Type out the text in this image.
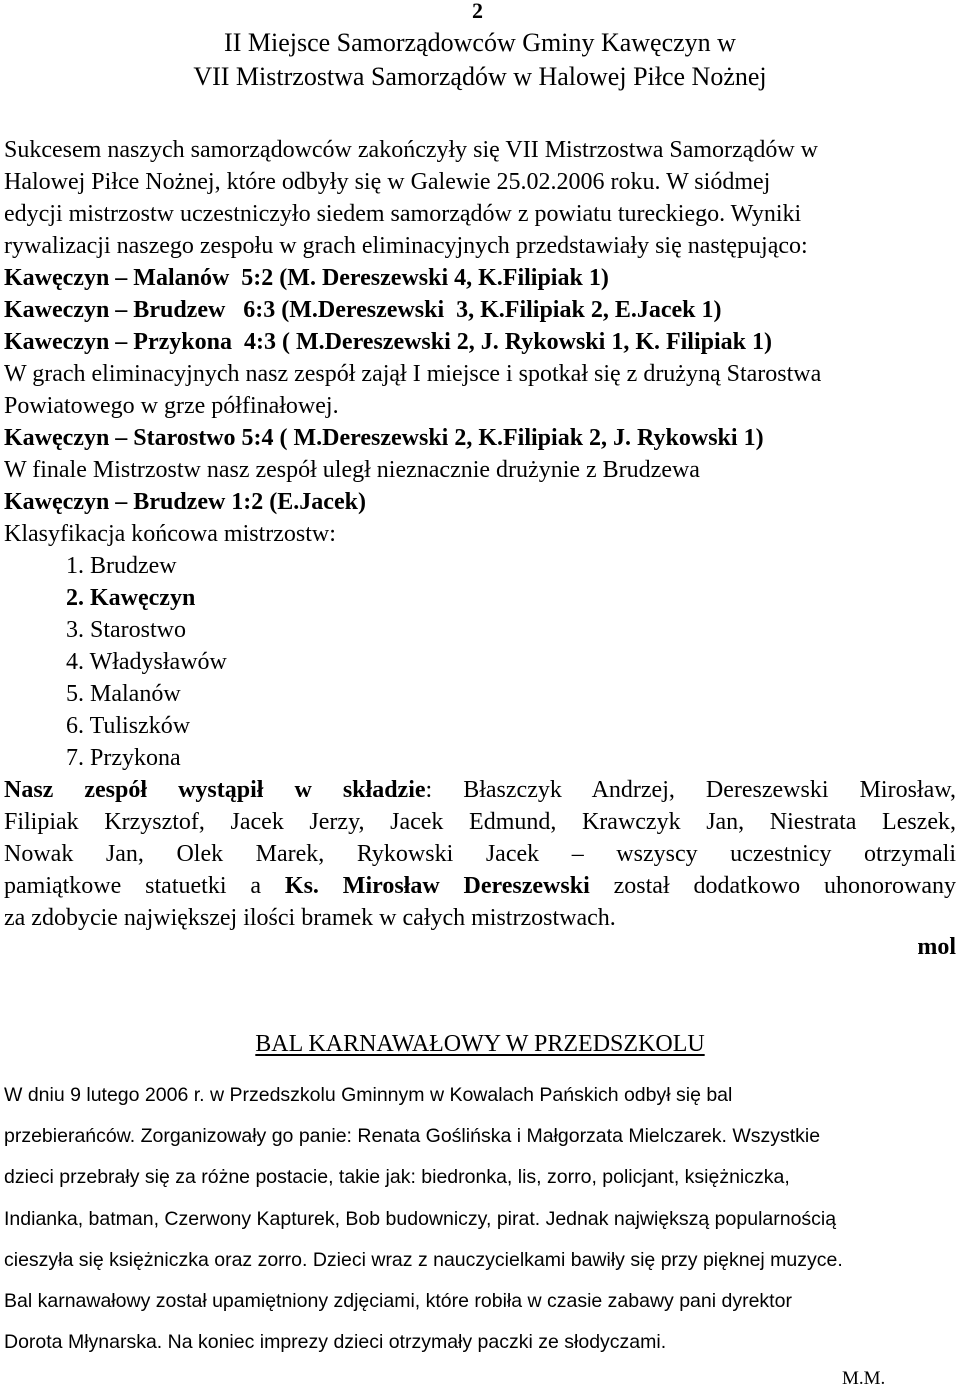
2
II Miejsce Samorządowców Gminy Kawęczyn w
VII Mistrzostwa Samorządów w Halowej Piłce Nożnej
Sukcesem naszych samorządowców zakończyły się VII Mistrzostwa Samorządów w
Halowej Piłce Nożnej, które odbyły się w Galewie 25.02.2006 roku. W siódmej
edycji mistrzostw uczestniczyło siedem samorządów z powiatu tureckiego. Wyniki
rywalizacji naszego zespołu w grach eliminacyjnych przedstawiały się następująco:
Kawęczyn – Malanów  5:2 (M. Dereszewski 4, K.Filipiak 1)
Kaweczyn – Brudzew   6:3 (M.Dereszewski  3, K.Filipiak 2, E.Jacek 1)
Kaweczyn – Przykona  4:3 ( M.Dereszewski 2, J. Rykowski 1, K. Filipiak 1)
W grach eliminacyjnych nasz zespół zajął I miejsce i spotkał się z drużyną Starostwa
Powiatowego w grze półfinałowej.
Kawęczyn – Starostwo 5:4 ( M.Dereszewski 2, K.Filipiak 2, J. Rykowski 1)
W finale Mistrzostw nasz zespół uległ nieznacznie drużynie z Brudzewa
Kawęczyn – Brudzew 1:2 (E.Jacek)
Klasyfikacja końcowa mistrzostw:
1. Brudzew
2. Kawęczyn
3. Starostwo
4. Władysławów
5. Malanów
6. Tuliszków
7. Przykona
Nasz zespół wystąpił w składzie: Błaszczyk Andrzej, Dereszewski Mirosław,
Filipiak Krzysztof, Jacek Jerzy, Jacek Edmund, Krawczyk Jan, Niestrata Leszek,
Nowak Jan, Olek Marek, Rykowski Jacek – wszyscy uczestnicy otrzymali
pamiątkowe statuetki a Ks. Mirosław Dereszewski został dodatkowo uhonorowany
za zdobycie największej ilości bramek w całych mistrzostwach.
mol
BAL KARNAWAŁOWY W PRZEDSZKOLU
W dniu 9 lutego 2006 r. w Przedszkolu Gminnym w Kowalach Pańskich odbył się bal
przebierańców. Zorganizowały go panie: Renata Goślińska i Małgorzata Mielczarek. Wszystkie
dzieci przebrały się za różne postacie, takie jak: biedronka, lis, zorro, policjant, księżniczka,
Indianka, batman, Czerwony Kapturek, Bob budowniczy, pirat. Jednak największą popularnością
cieszyła się księżniczka oraz zorro. Dzieci wraz z nauczycielkami bawiły się przy pięknej muzyce.
Bal karnawałowy został upamiętniony zdjęciami, które robiła w czasie zabawy pani dyrektor
Dorota Młynarska. Na koniec imprezy dzieci otrzymały paczki ze słodyczami.
M.M.
